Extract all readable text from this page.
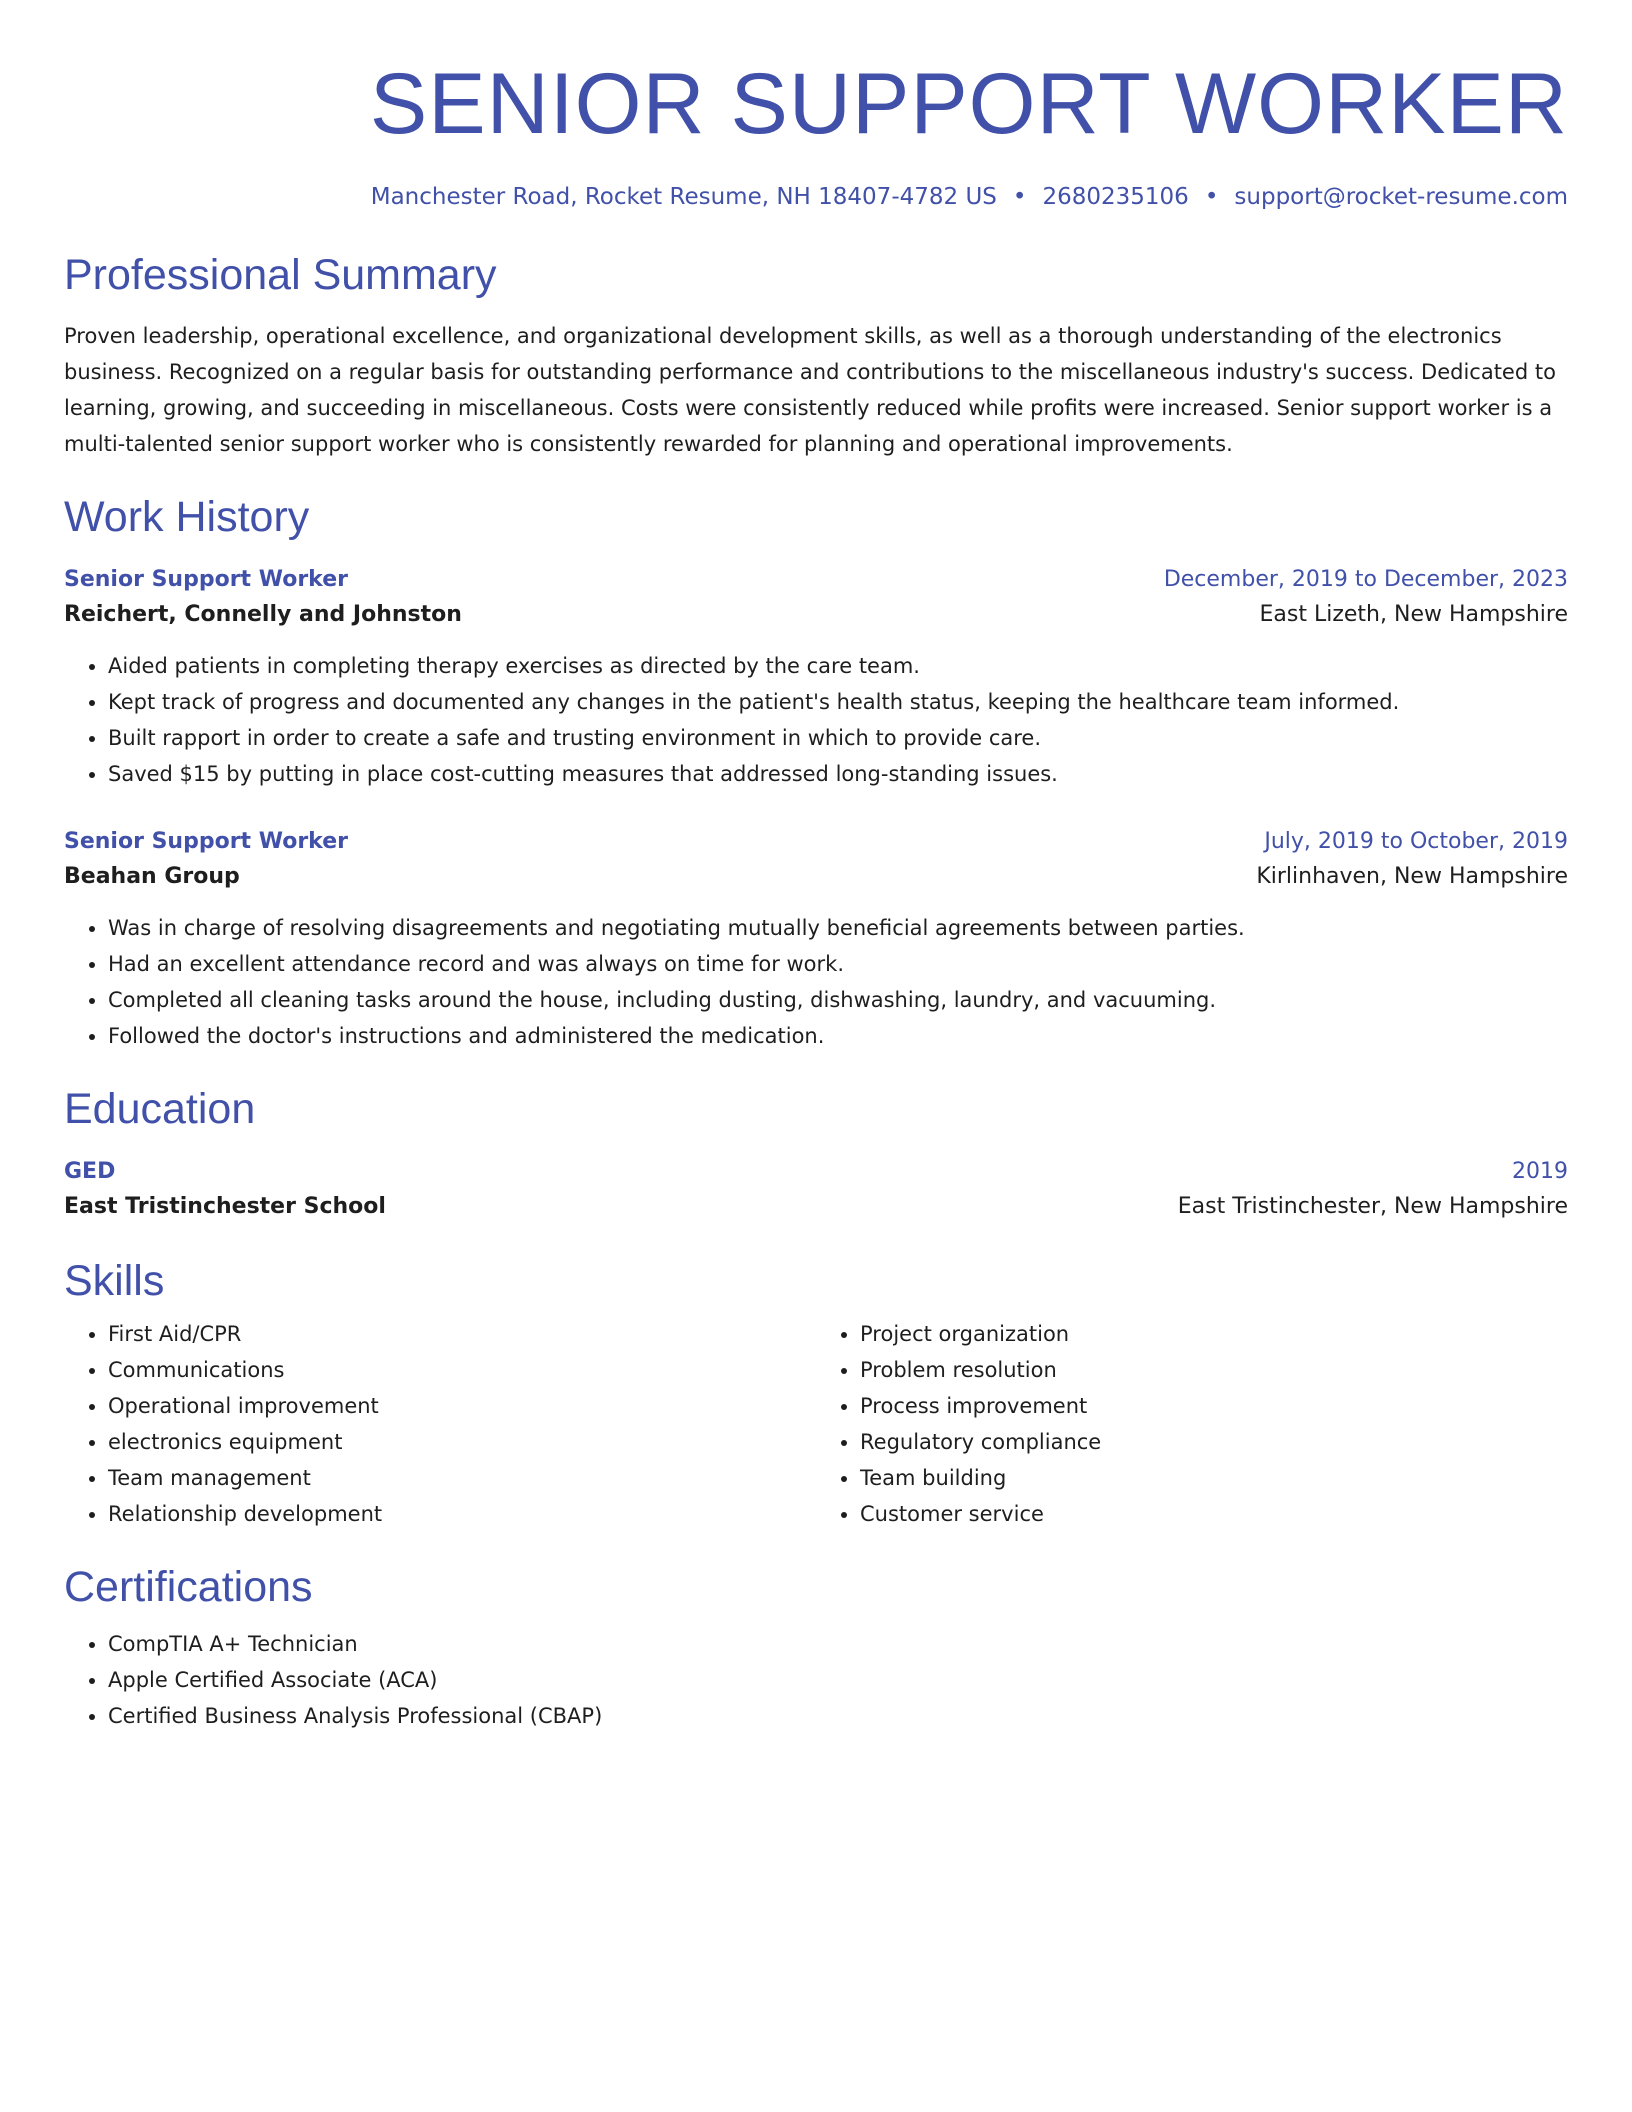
SENIOR SUPPORT WORKER
Manchester Road, Rocket Resume, NH 18407-4782 US • 2680235106 • support@rocket-resume.com
Professional Summary
Proven leadership, operational excellence, and organizational development skills, as well as a thorough understanding of the electronics business. Recognized on a regular basis for outstanding performance and contributions to the miscellaneous industry's success. Dedicated to learning, growing, and succeeding in miscellaneous. Costs were consistently reduced while profits were increased. Senior support worker is a multi-talented senior support worker who is consistently rewarded for planning and operational improvements.
Work History
Senior Support Worker	December, 2019 to December, 2023
Reichert, Connelly and Johnston	East Lizeth, New Hampshire
• Aided patients in completing therapy exercises as directed by the care team.
• Kept track of progress and documented any changes in the patient's health status, keeping the healthcare team informed.
• Built rapport in order to create a safe and trusting environment in which to provide care.
• Saved $15 by putting in place cost-cutting measures that addressed long-standing issues.
Senior Support Worker	July, 2019 to October, 2019
Beahan Group	Kirlinhaven, New Hampshire
• Was in charge of resolving disagreements and negotiating mutually beneficial agreements between parties.
• Had an excellent attendance record and was always on time for work.
• Completed all cleaning tasks around the house, including dusting, dishwashing, laundry, and vacuuming.
• Followed the doctor's instructions and administered the medication.
Education
GED	2019
East Tristinchester School	East Tristinchester, New Hampshire
Skills
• First Aid/CPR
• Communications
• Operational improvement
• electronics equipment
• Team management
• Relationship development
• Project organization
• Problem resolution
• Process improvement
• Regulatory compliance
• Team building
• Customer service
Certifications
• CompTIA A+ Technician
• Apple Certified Associate (ACA)
• Certified Business Analysis Professional (CBAP)
